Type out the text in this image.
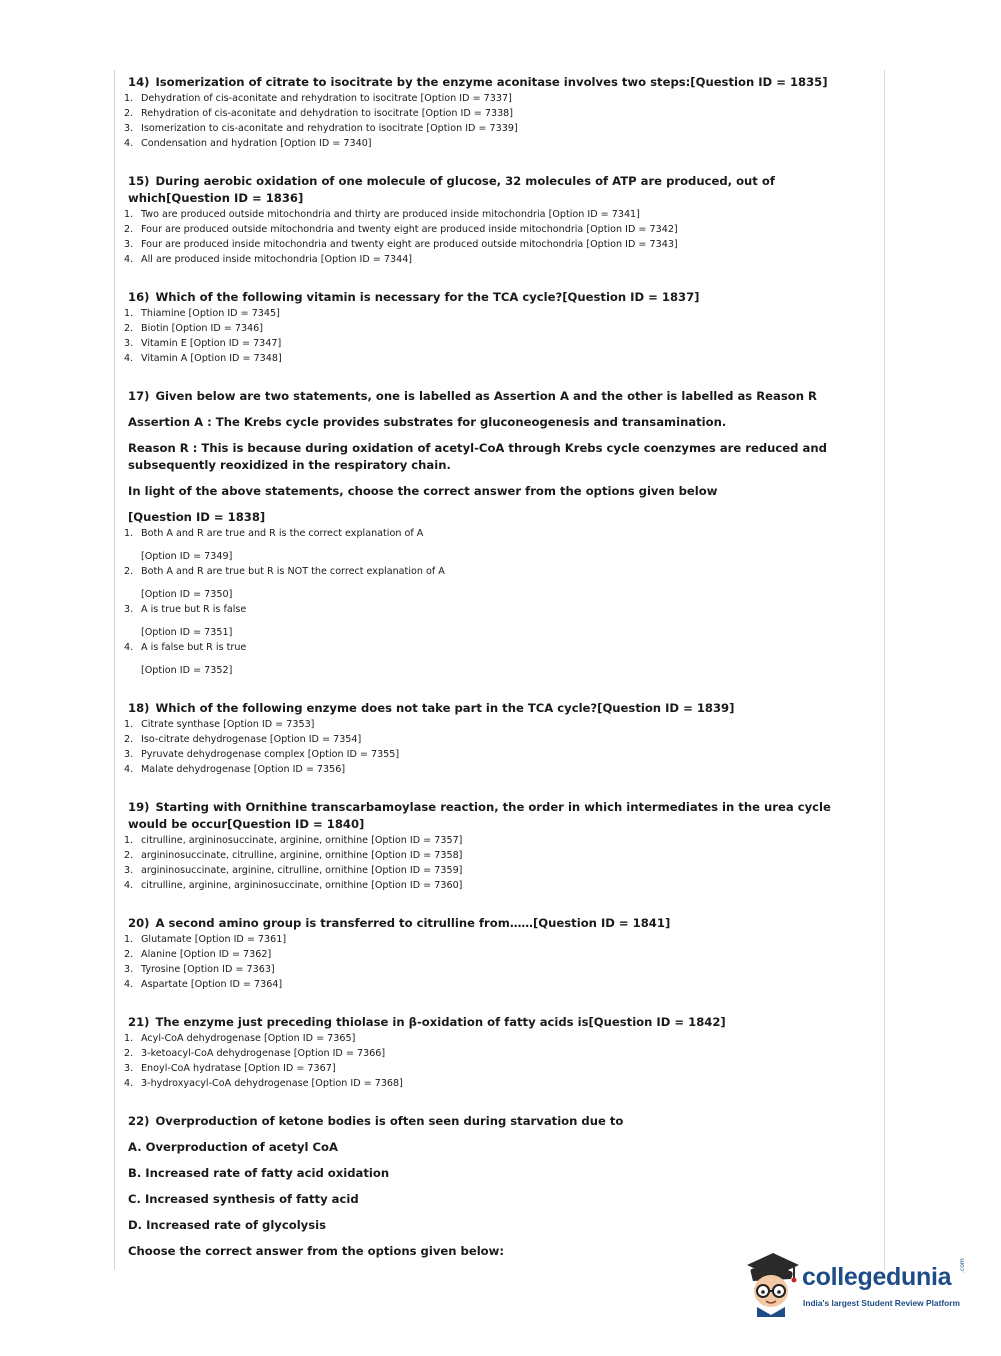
14) Isomerization of citrate to isocitrate by the enzyme aconitase involves two steps:[Question ID = 1835]

1. Dehydration of cis-aconitate and rehydration to isocitrate [Option ID = 7337]
2. Rehydration of cis-aconitate and dehydration to isocitrate [Option ID = 7338]
3. Isomerization to cis-aconitate and rehydration to isocitrate [Option ID = 7339]
4. Condensation and hydration [Option ID = 7340]

15) During aerobic oxidation of one molecule of glucose, 32 molecules of ATP are produced, out of which[Question ID = 1836]

1. Two are produced outside mitochondria and thirty are produced inside mitochondria [Option ID = 7341]
2. Four are produced outside mitochondria and twenty eight are produced inside mitochondria [Option ID = 7342]
3. Four are produced inside mitochondria and twenty eight are produced outside mitochondria [Option ID = 7343]
4. All are produced inside mitochondria [Option ID = 7344]

16) Which of the following vitamin is necessary for the TCA cycle?[Question ID = 1837]

1. Thiamine [Option ID = 7345]
2. Biotin [Option ID = 7346]
3. Vitamin E [Option ID = 7347]
4. Vitamin A [Option ID = 7348]

17) Given below are two statements, one is labelled as Assertion A and the other is labelled as Reason R

Assertion A : The Krebs cycle provides substrates for gluconeogenesis and transamination.

Reason R : This is because during oxidation of acetyl-CoA through Krebs cycle coenzymes are reduced and subsequently reoxidized in the respiratory chain.

In light of the above statements, choose the correct answer from the options given below

[Question ID = 1838]

1. Both A and R are true and R is the correct explanation of A
[Option ID = 7349]
2. Both A and R are true but R is NOT the correct explanation of A
[Option ID = 7350]
3. A is true but R is false
[Option ID = 7351]
4. A is false but R is true
[Option ID = 7352]

18) Which of the following enzyme does not take part in the TCA cycle?[Question ID = 1839]

1. Citrate synthase [Option ID = 7353]
2. Iso-citrate dehydrogenase [Option ID = 7354]
3. Pyruvate dehydrogenase complex [Option ID = 7355]
4. Malate dehydrogenase [Option ID = 7356]

19) Starting with Ornithine transcarbamoylase reaction, the order in which intermediates in the urea cycle would be occur[Question ID = 1840]

1. citrulline, argininosuccinate, arginine, ornithine [Option ID = 7357]
2. argininosuccinate, citrulline, arginine, ornithine [Option ID = 7358]
3. argininosuccinate, arginine, citrulline, ornithine [Option ID = 7359]
4. citrulline, arginine, argininosuccinate, ornithine [Option ID = 7360]

20) A second amino group is transferred to citrulline from……[Question ID = 1841]

1. Glutamate [Option ID = 7361]
2. Alanine [Option ID = 7362]
3. Tyrosine [Option ID = 7363]
4. Aspartate [Option ID = 7364]

21) The enzyme just preceding thiolase in β-oxidation of fatty acids is[Question ID = 1842]

1. Acyl-CoA dehydrogenase [Option ID = 7365]
2. 3-ketoacyl-CoA dehydrogenase [Option ID = 7366]
3. Enoyl-CoA hydratase [Option ID = 7367]
4. 3-hydroxyacyl-CoA dehydrogenase [Option ID = 7368]

22) Overproduction of ketone bodies is often seen during starvation due to

A. Overproduction of acetyl CoA

B. Increased rate of fatty acid oxidation

C. Increased synthesis of fatty acid

D. Increased rate of glycolysis

Choose the correct answer from the options given below:

collegedunia .com
India's largest Student Review Platform
